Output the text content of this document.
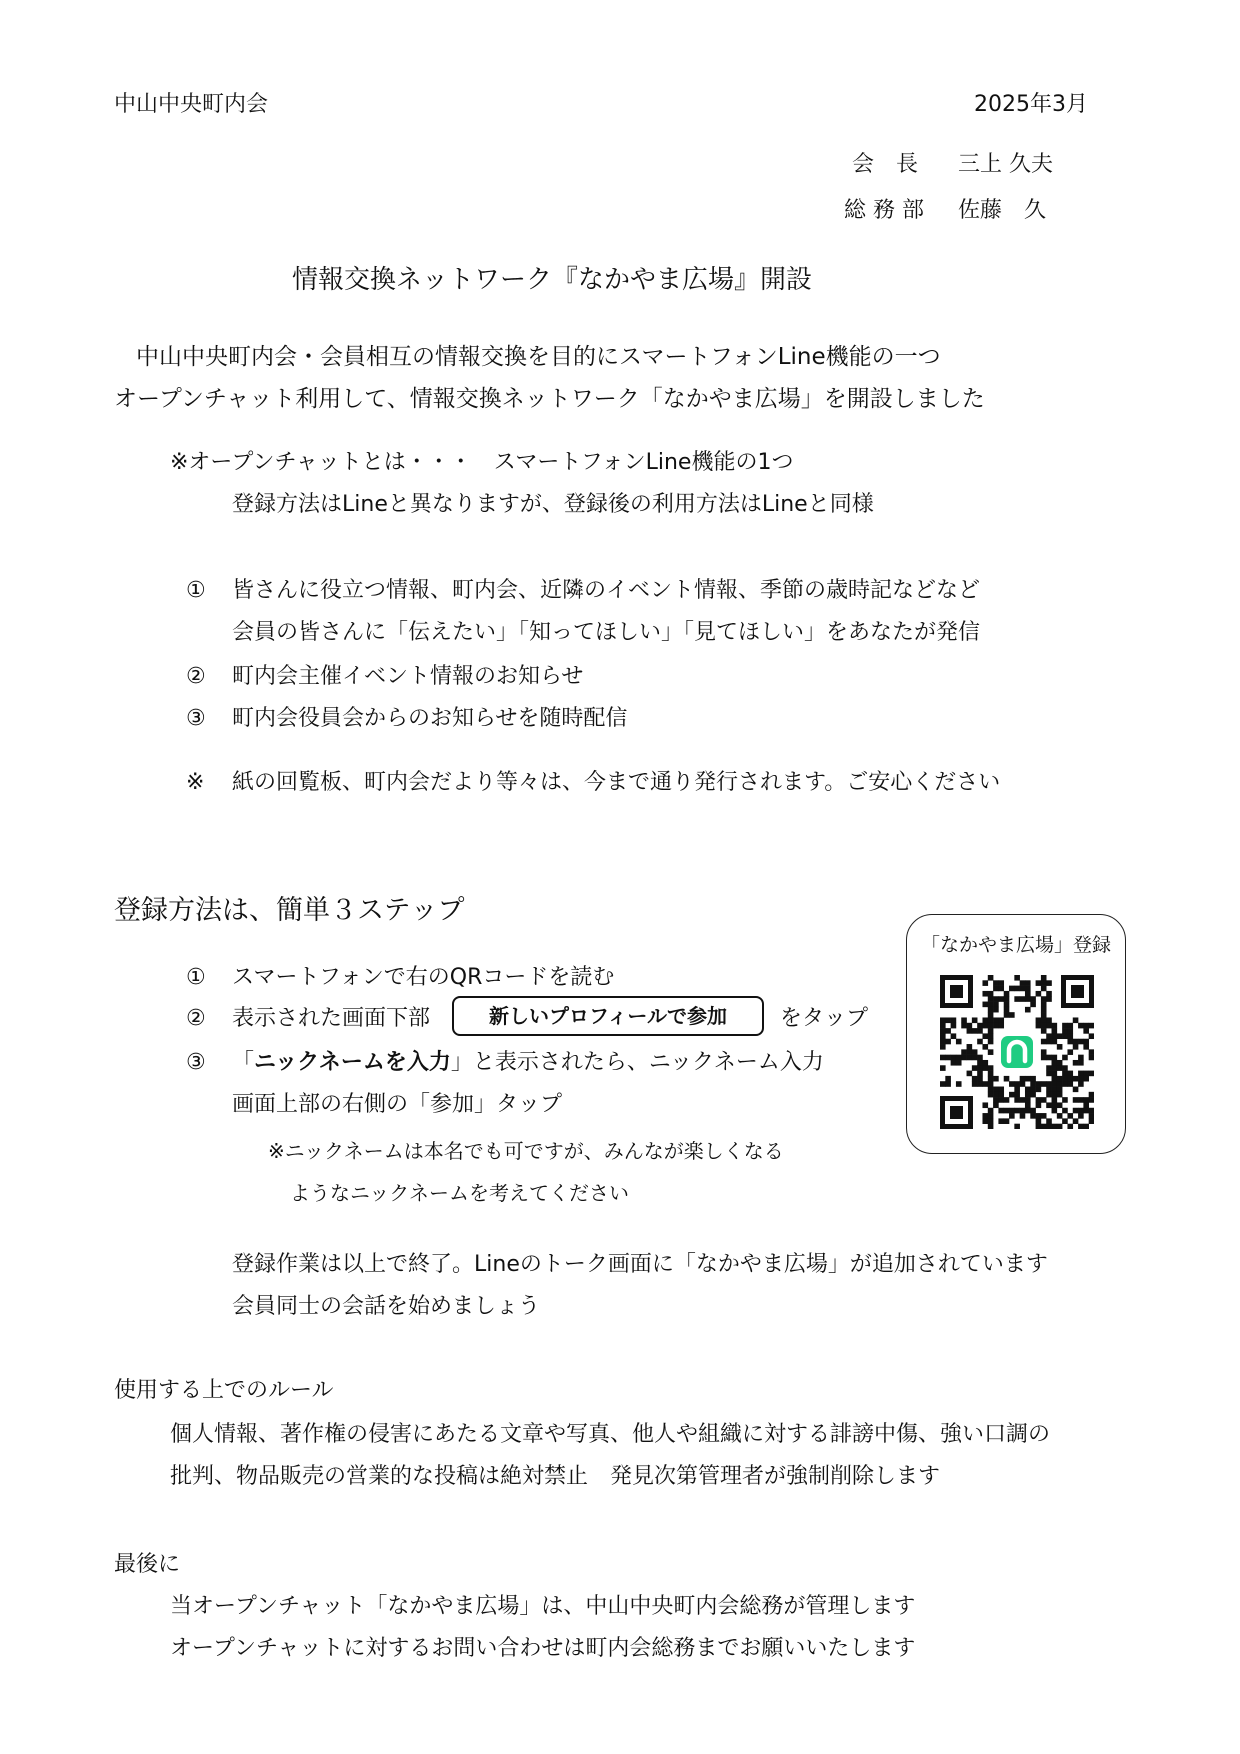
中山中央町内会	2025年3月
会　長 三上 久夫
総 務 部 佐藤　久
情報交換ネットワーク『なかやま広場』開設
中山中央町内会・会員相互の情報交換を目的にスマートフォンLine機能の一つ
オープンチャット利用して、情報交換ネットワーク「なかやま広場」を開設しました
※オープンチャットとは・・・　スマートフォンLine機能の1つ
登録方法はLineと異なりますが、登録後の利用方法はLineと同様
① 皆さんに役立つ情報、町内会、近隣のイベント情報、季節の歳時記などなど
会員の皆さんに「伝えたい」「知ってほしい」「見てほしい」をあなたが発信
② 町内会主催イベント情報のお知らせ
③ 町内会役員会からのお知らせを随時配信
※ 紙の回覧板、町内会だより等々は、今まで通り発行されます。ご安心ください
登録方法は、簡単３ステップ
① スマートフォンで右のQRコードを読む
② 表示された画面下部	新しいプロフィールで参加	をタップ
③ 「ニックネームを入力」と表示されたら、ニックネーム入力
画面上部の右側の「参加」タップ
※ニックネームは本名でも可ですが、みんなが楽しくなる
ようなニックネームを考えてください
登録作業は以上で終了。Lineのトーク画面に「なかやま広場」が追加されています
会員同士の会話を始めましょう
「なかやま広場」登録
使用する上でのルール
個人情報、著作権の侵害にあたる文章や写真、他人や組織に対する誹謗中傷、強い口調の
批判、物品販売の営業的な投稿は絶対禁止　発見次第管理者が強制削除します
最後に
当オープンチャット「なかやま広場」は、中山中央町内会総務が管理します
オープンチャットに対するお問い合わせは町内会総務までお願いいたします
